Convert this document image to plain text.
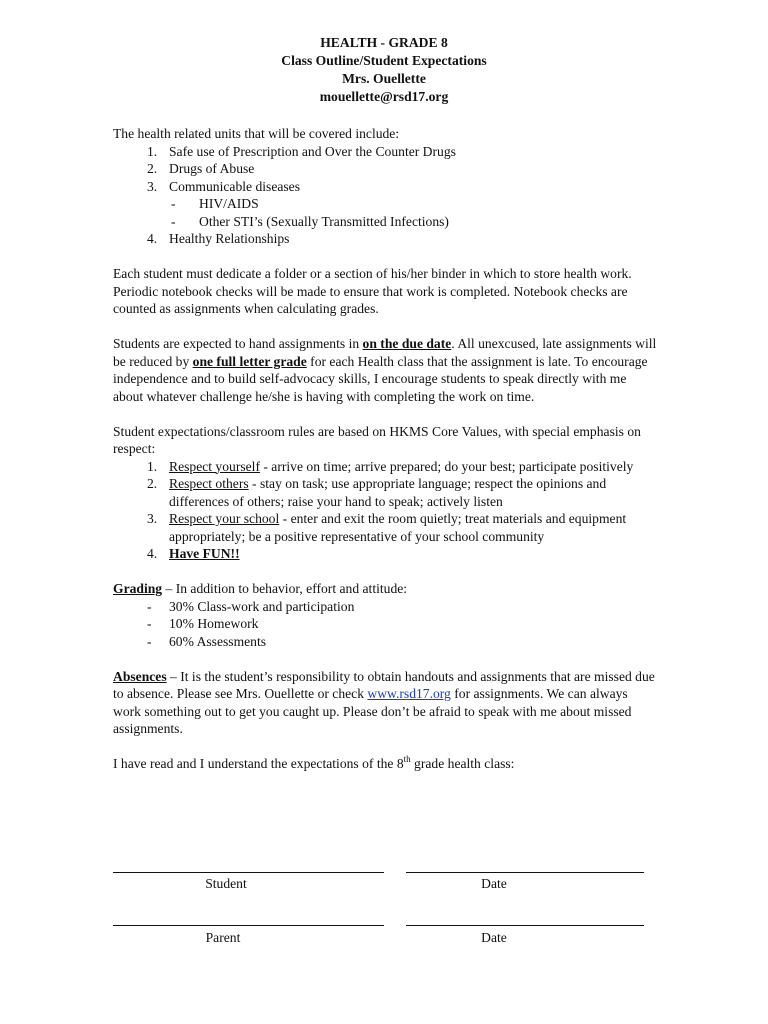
HEALTH - GRADE 8
Class Outline/Student Expectations
Mrs. Ouellette
mouellette@rsd17.org

The health related units that will be covered include:

1. Safe use of Prescription and Over the Counter Drugs
2. Drugs of Abuse
3. Communicable diseases
- HIV/AIDS
- Other STI’s (Sexually Transmitted Infections)
4. Healthy Relationships

Each student must dedicate a folder or a section of his/her binder in which to store health work. Periodic notebook checks will be made to ensure that work is completed. Notebook checks are counted as assignments when calculating grades.

Students are expected to hand assignments in on the due date. All unexcused, late assignments will be reduced by one full letter grade for each Health class that the assignment is late. To encourage independence and to build self-advocacy skills, I encourage students to speak directly with me about whatever challenge he/she is having with completing the work on time.

Student expectations/classroom rules are based on HKMS Core Values, with special emphasis on respect:

1. Respect yourself - arrive on time; arrive prepared; do your best; participate positively
2. Respect others - stay on task; use appropriate language; respect the opinions and differences of others; raise your hand to speak; actively listen
3. Respect your school - enter and exit the room quietly; treat materials and equipment appropriately; be a positive representative of your school community
4. Have FUN!!

Grading – In addition to behavior, effort and attitude:

- 30% Class-work and participation
- 10% Homework
- 60% Assessments

Absences – It is the student’s responsibility to obtain handouts and assignments that are missed due to absence. Please see Mrs. Ouellette or check www.rsd17.org for assignments. We can always work something out to get you caught up. Please don’t be afraid to speak with me about missed assignments.

I have read and I understand the expectations of the 8th grade health class:

Student	Date
Parent	Date
